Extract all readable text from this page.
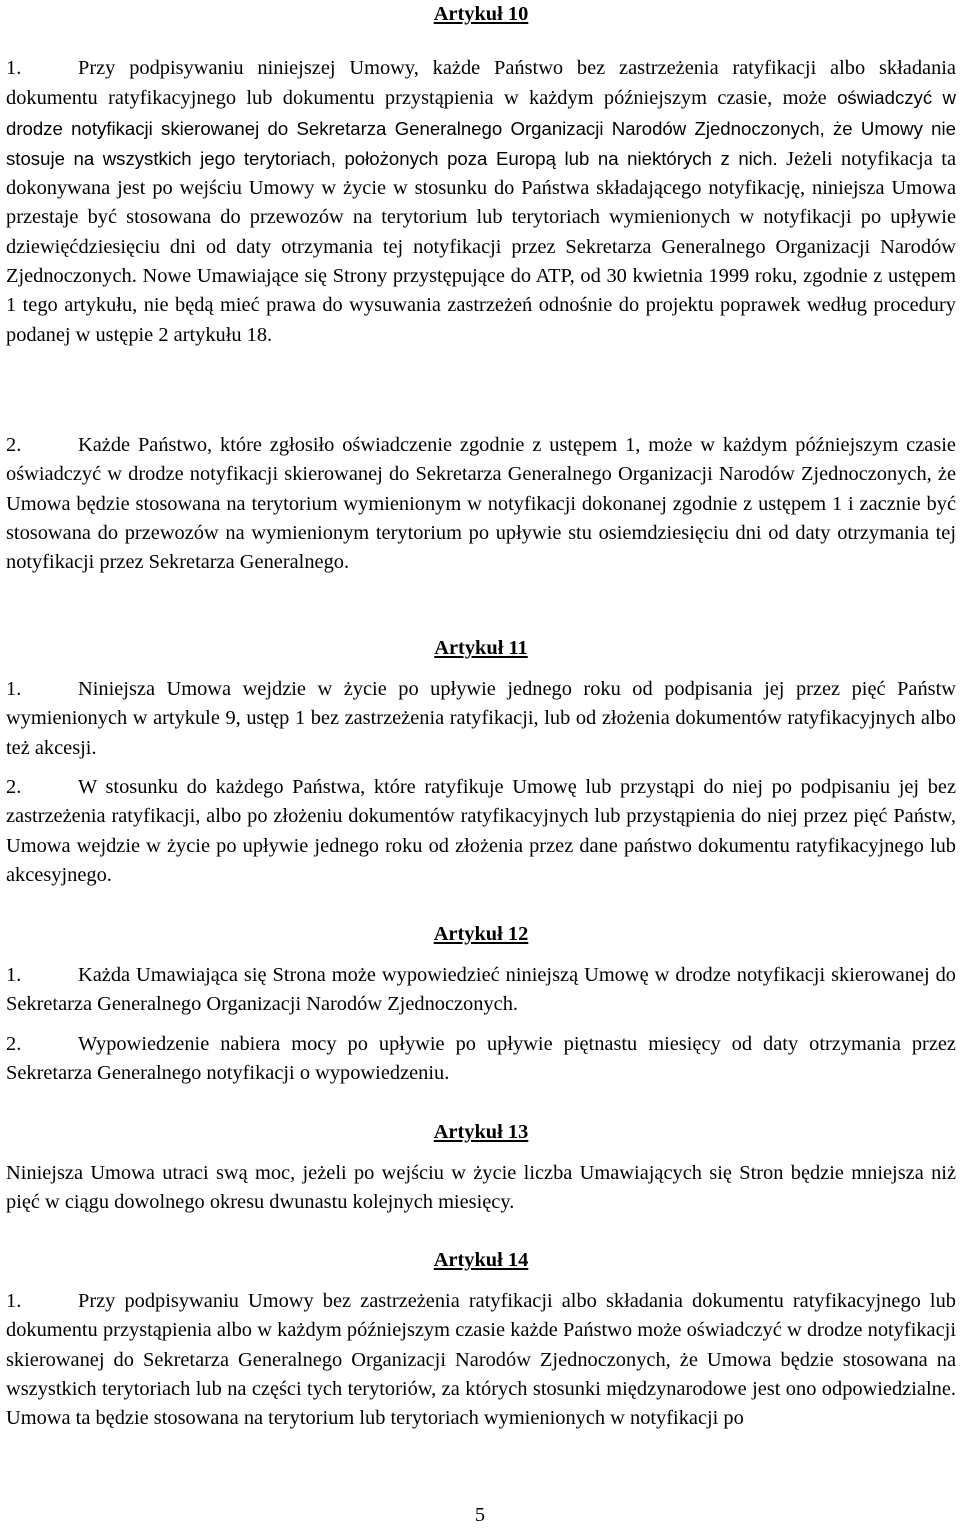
Artykuł 10

1.	Przy podpisywaniu niniejszej Umowy, każde Państwo bez zastrzeżenia ratyfikacji albo składania dokumentu ratyfikacyjnego lub dokumentu przystąpienia w każdym późniejszym czasie, może oświadczyć w drodze notyfikacji skierowanej do Sekretarza Generalnego Organizacji Narodów Zjednoczonych, że Umowy nie stosuje na wszystkich jego terytoriach, położonych poza Europą lub na niektórych z nich. Jeżeli notyfikacja ta dokonywana jest po wejściu Umowy w życie w stosunku do Państwa składającego notyfikację, niniejsza Umowa przestaje być stosowana do przewozów na terytorium lub terytoriach wymienionych w notyfikacji po upływie dziewięćdziesięciu dni od daty otrzymania tej notyfikacji przez Sekretarza Generalnego Organizacji Narodów Zjednoczonych. Nowe Umawiające się Strony przystępujące do ATP, od 30 kwietnia 1999 roku, zgodnie z ustępem 1 tego artykułu, nie będą mieć prawa do wysuwania zastrzeżeń odnośnie do projektu poprawek według procedury podanej w ustępie 2 artykułu 18.

2.	Każde Państwo, które zgłosiło oświadczenie zgodnie z ustępem 1, może w każdym późniejszym czasie oświadczyć w drodze notyfikacji skierowanej do Sekretarza Generalnego Organizacji Narodów Zjednoczonych, że Umowa będzie stosowana na terytorium wymienionym w notyfikacji dokonanej zgodnie z ustępem 1 i zacznie być stosowana do przewozów na wymienionym terytorium po upływie stu osiemdziesięciu dni od daty otrzymania tej notyfikacji przez Sekretarza Generalnego.

Artykuł 11

1.	Niniejsza Umowa wejdzie w życie po upływie jednego roku od podpisania jej przez pięć Państw wymienionych w artykule 9, ustęp 1 bez zastrzeżenia ratyfikacji, lub od złożenia dokumentów ratyfikacyjnych albo też akcesji.

2.	W stosunku do każdego Państwa, które ratyfikuje Umowę lub przystąpi do niej po podpisaniu jej bez zastrzeżenia ratyfikacji, albo po złożeniu dokumentów ratyfikacyjnych lub przystąpienia do niej przez pięć Państw, Umowa wejdzie w życie po upływie jednego roku od złożenia przez dane państwo dokumentu ratyfikacyjnego lub akcesyjnego.

Artykuł 12

1.	Każda Umawiająca się Strona może wypowiedzieć niniejszą Umowę w drodze notyfikacji skierowanej do Sekretarza Generalnego Organizacji Narodów Zjednoczonych.

2.	Wypowiedzenie nabiera mocy po upływie po upływie piętnastu miesięcy od daty otrzymania przez Sekretarza Generalnego notyfikacji o wypowiedzeniu.

Artykuł 13

Niniejsza Umowa utraci swą moc, jeżeli po wejściu w życie liczba Umawiających się Stron będzie mniejsza niż pięć w ciągu dowolnego okresu dwunastu kolejnych miesięcy.

Artykuł 14

1.	Przy podpisywaniu Umowy bez zastrzeżenia ratyfikacji albo składania dokumentu ratyfikacyjnego lub dokumentu przystąpienia albo w każdym późniejszym czasie każde Państwo może oświadczyć w drodze notyfikacji skierowanej do Sekretarza Generalnego Organizacji Narodów Zjednoczonych, że Umowa będzie stosowana na wszystkich terytoriach lub na części tych terytoriów, za których stosunki międzynarodowe jest ono odpowiedzialne. Umowa ta będzie stosowana na terytorium lub terytoriach wymienionych w notyfikacji po

5
